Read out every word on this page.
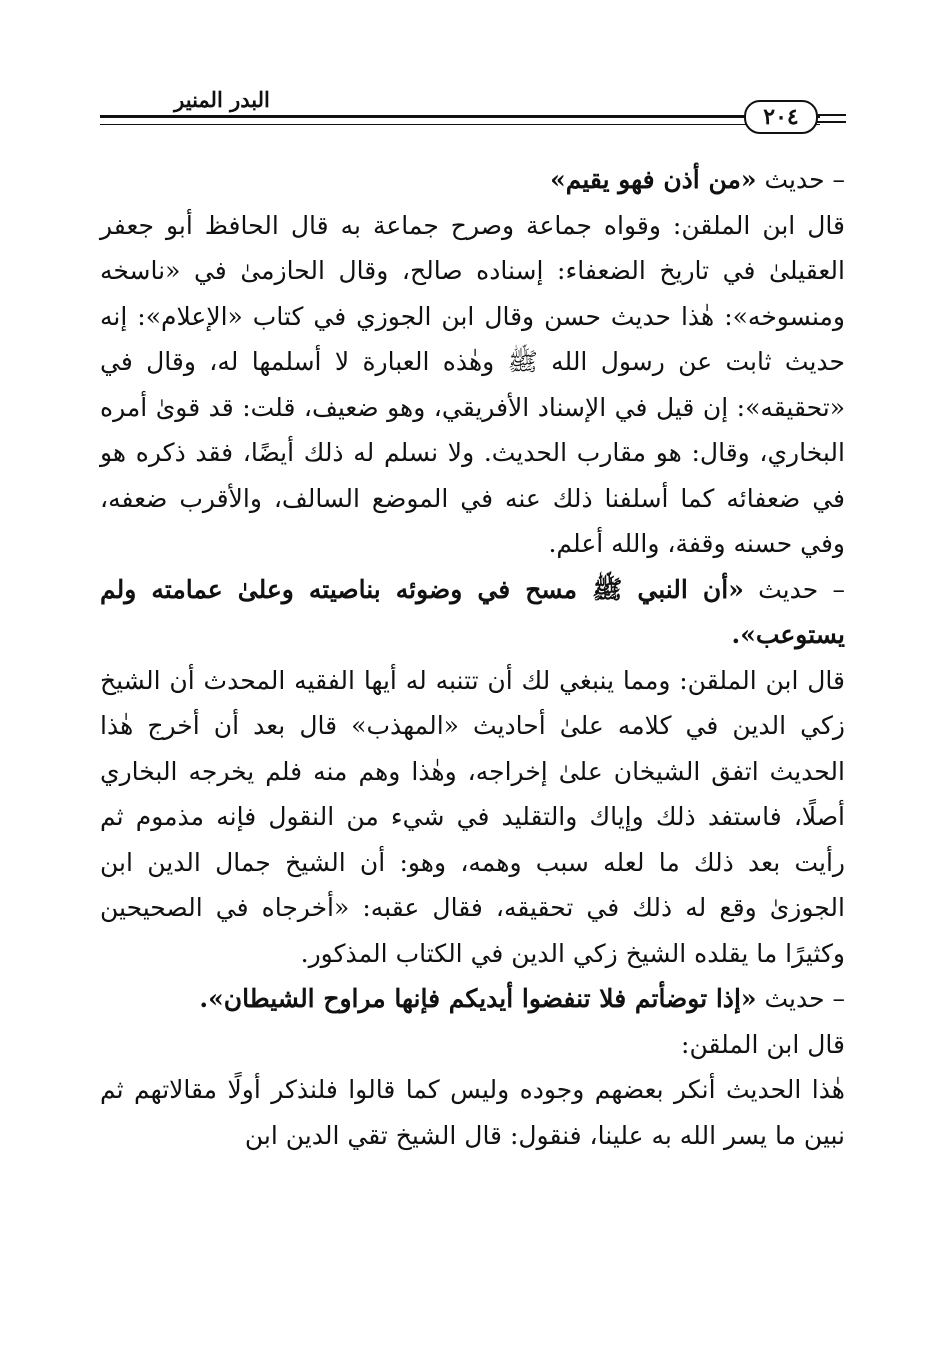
٢٠٤
البدر المنير

– حديث «من أذن فهو يقيم»

قال ابن الملقن: وقواه جماعة وصرح جماعة به قال الحافظ أبو جعفر العقيلىٰ في تاريخ الضعفاء: إسناده صالح، وقال الحازمىٰ في «ناسخه ومنسوخه»: هٰذا حديث حسن وقال ابن الجوزي في كتاب «الإعلام»: إنه حديث ثابت عن رسول الله ﷺ وهٰذه العبارة لا أسلمها له، وقال في «تحقيقه»: إن قيل في الإسناد الأفريقي، وهو ضعيف، قلت: قد قوىٰ أمره البخاري، وقال: هو مقارب الحديث. ولا نسلم له ذلك أيضًا، فقد ذكره هو في ضعفائه كما أسلفنا ذلك عنه في الموضع السالف، والأقرب ضعفه، وفي حسنه وقفة، والله أعلم.

– حديث «أن النبي ﷺ مسح في وضوئه بناصيته وعلىٰ عمامته ولم يستوعب».

قال ابن الملقن: ومما ينبغي لك أن تتنبه له أيها الفقيه المحدث أن الشيخ زكي الدين في كلامه علىٰ أحاديث «المهذب» قال بعد أن أخرج هٰذا الحديث اتفق الشيخان علىٰ إخراجه، وهٰذا وهم منه فلم يخرجه البخاري أصلًا، فاستفد ذلك وإياك والتقليد في شيء من النقول فإنه مذموم ثم رأيت بعد ذلك ما لعله سبب وهمه، وهو: أن الشيخ جمال الدين ابن الجوزىٰ وقع له ذلك في تحقيقه، فقال عقبه: «أخرجاه في الصحيحين وكثيرًا ما يقلده الشيخ زكي الدين في الكتاب المذكور.

– حديث «إذا توضأتم فلا تنفضوا أيديكم فإنها مراوح الشيطان».

قال ابن الملقن:

هٰذا الحديث أنكر بعضهم وجوده وليس كما قالوا فلنذكر أولًا مقالاتهم ثم نبين ما يسر الله به علينا، فنقول: قال الشيخ تقي الدين ابن
